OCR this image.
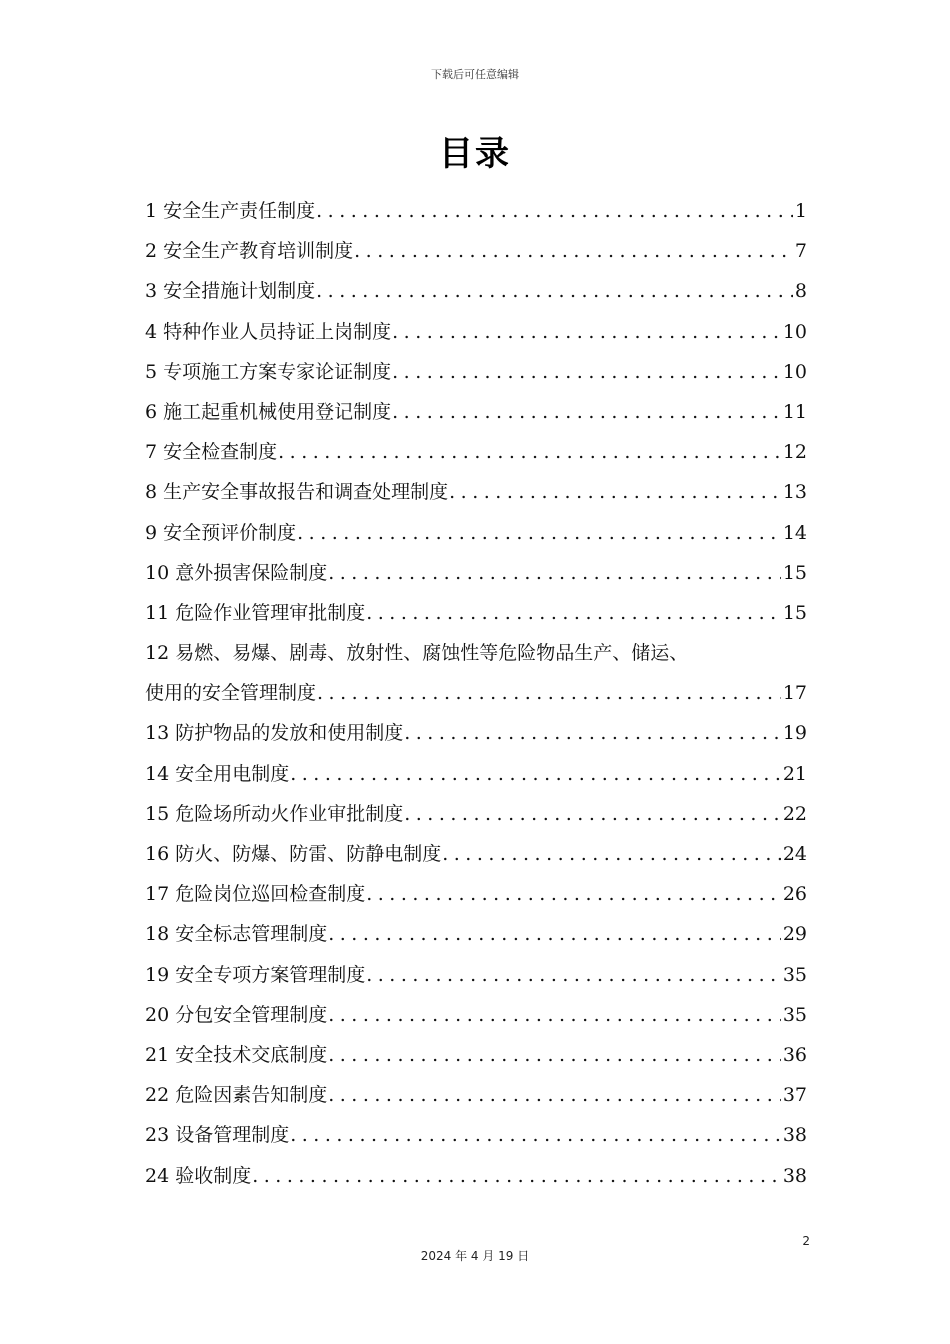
下载后可任意编辑
目录
1 安全生产责任制度 .....	1
2 安全生产教育培训制度 .....	7
3 安全措施计划制度 .....	8
4 特种作业人员持证上岗制度 .....	10
5 专项施工方案专家论证制度 .....	10
6 施工起重机械使用登记制度 .....	11
7 安全检查制度 .....	12
8 生产安全事故报告和调查处理制度 .....	13
9 安全预评价制度 .....	14
10 意外损害保险制度 .....	15
11 危险作业管理审批制度 .....	15
12 易燃、易爆、剧毒、放射性、腐蚀性等危险物品生产、储运、
使用的安全管理制度 .....	17
13 防护物品的发放和使用制度 .....	19
14 安全用电制度 .....	21
15 危险场所动火作业审批制度 .....	22
16 防火、防爆、防雷、防静电制度 .....	24
17 危险岗位巡回检查制度 .....	26
18 安全标志管理制度 .....	29
19 安全专项方案管理制度 .....	35
20 分包安全管理制度 .....	35
21 安全技术交底制度 .....	36
22 危险因素告知制度 .....	37
23 设备管理制度 .....	38
24 验收制度 .....	38
2
2024 年 4 月 19 日
